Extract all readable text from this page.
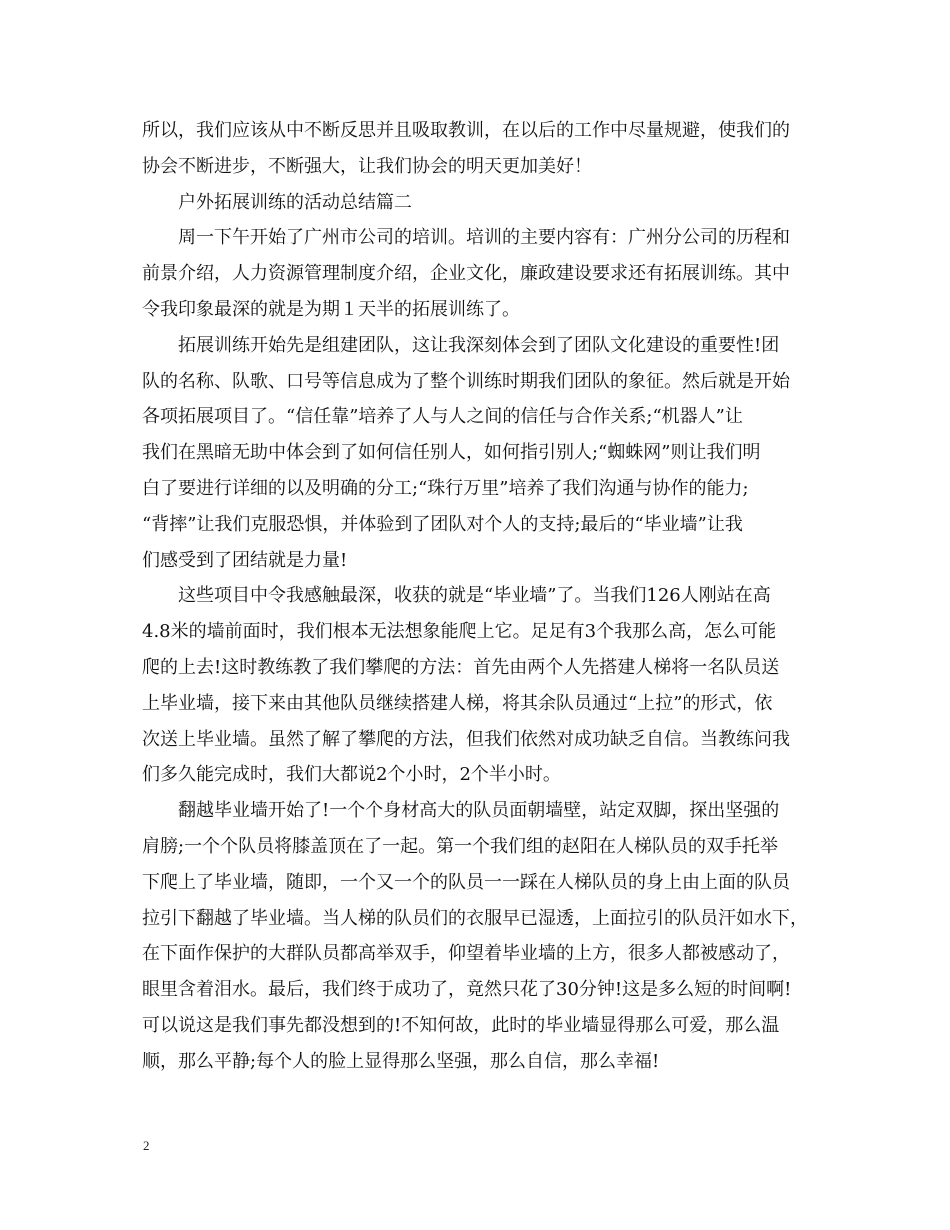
所以，我们应该从中不断反思并且吸取教训，在以后的工作中尽量规避，使我们的
协会不断进步，不断强大，让我们协会的明天更加美好！
户外拓展训练的活动总结篇二
周一下午开始了广州市公司的培训。培训的主要内容有：广州分公司的历程和
前景介绍，人力资源管理制度介绍，企业文化，廉政建设要求还有拓展训练。其中
令我印象最深的就是为期１天半的拓展训练了。
拓展训练开始先是组建团队，这让我深刻体会到了团队文化建设的重要性!团
队的名称、队歌、口号等信息成为了整个训练时期我们团队的象征。然后就是开始
各项拓展项目了。“信任靠”培养了人与人之间的信任与合作关系;“机器人”让
我们在黑暗无助中体会到了如何信任别人，如何指引别人;“蜘蛛网”则让我们明
白了要进行详细的以及明确的分工;“珠行万里”培养了我们沟通与协作的能力;
“背摔”让我们克服恐惧，并体验到了团队对个人的支持;最后的“毕业墙”让我
们感受到了团结就是力量!
这些项目中令我感触最深，收获的就是“毕业墙”了。当我们126人刚站在高
4.8米的墙前面时，我们根本无法想象能爬上它。足足有3个我那么高，怎么可能
爬的上去!这时教练教了我们攀爬的方法：首先由两个人先搭建人梯将一名队员送
上毕业墙，接下来由其他队员继续搭建人梯，将其余队员通过“上拉”的形式，依
次送上毕业墙。虽然了解了攀爬的方法，但我们依然对成功缺乏自信。当教练问我
们多久能完成时，我们大都说2个小时，2个半小时。
翻越毕业墙开始了!一个个身材高大的队员面朝墙壁，站定双脚，探出坚强的
肩膀;一个个队员将膝盖顶在了一起。第一个我们组的赵阳在人梯队员的双手托举
下爬上了毕业墙，随即，一个又一个的队员一一踩在人梯队员的身上由上面的队员
拉引下翻越了毕业墙。当人梯的队员们的衣服早已湿透，上面拉引的队员汗如水下，
在下面作保护的大群队员都高举双手，仰望着毕业墙的上方，很多人都被感动了，
眼里含着泪水。最后，我们终于成功了，竟然只花了30分钟!这是多么短的时间啊!
可以说这是我们事先都没想到的!不知何故，此时的毕业墙显得那么可爱，那么温
顺，那么平静;每个人的脸上显得那么坚强，那么自信，那么幸福!
2
